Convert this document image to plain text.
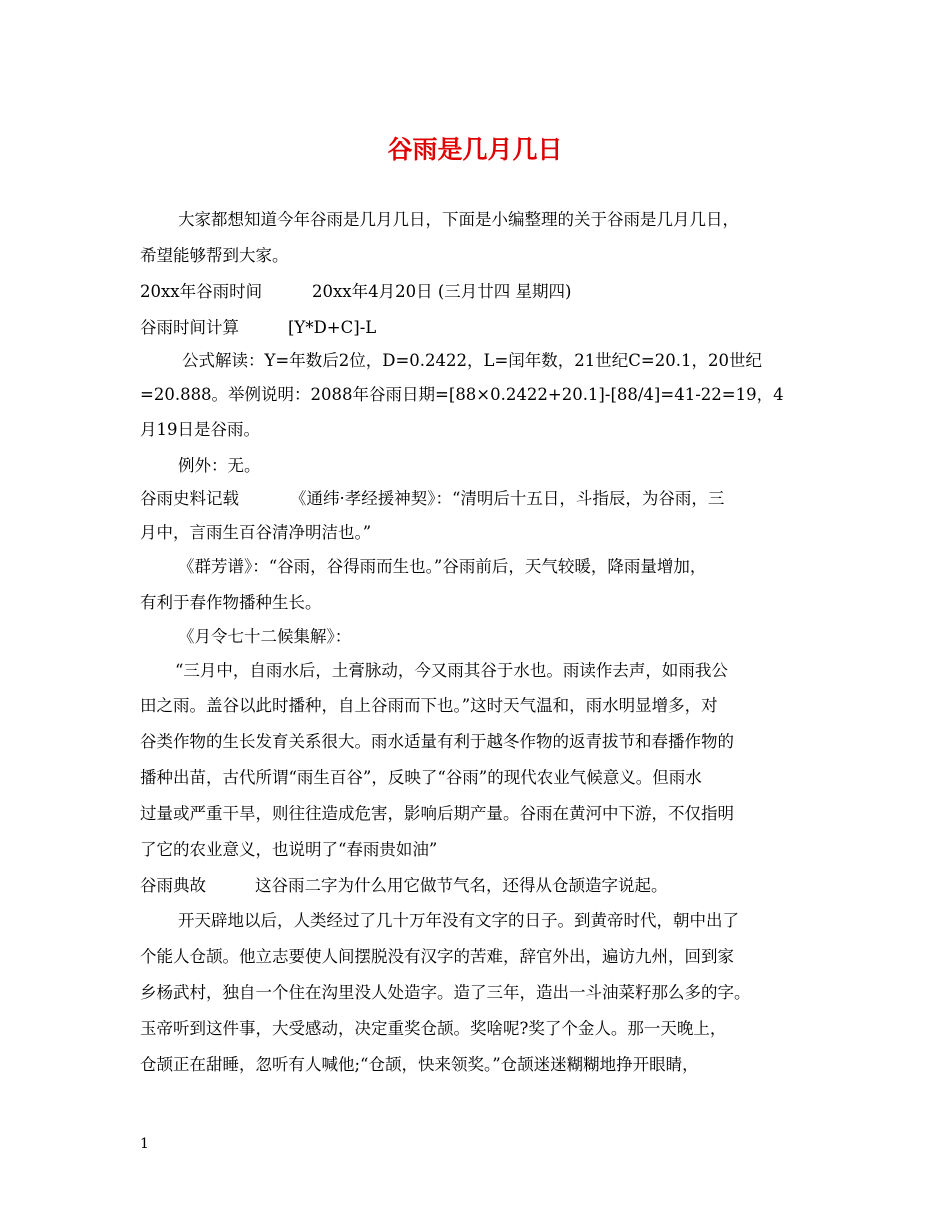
谷雨是几月几日
大家都想知道今年谷雨是几月几日，下面是小编整理的关于谷雨是几月几日，
希望能够帮到大家。
20xx年谷雨时间	20xx年4月20日 (三月廿四 星期四)
谷雨时间计算	[Y*D+C]-L
公式解读：Y=年数后2位，D=0.2422，L=闰年数，21世纪C=20.1，20世纪
=20.888。举例说明：2088年谷雨日期=[88×0.2422+20.1]-[88/4]=41-22=19，4
月19日是谷雨。
例外：无。
谷雨史料记载	《通纬·孝经援神契》：“清明后十五日，斗指辰，为谷雨，三
月中，言雨生百谷清净明洁也。”
《群芳谱》：“谷雨，谷得雨而生也。”谷雨前后，天气较暖，降雨量增加，
有利于春作物播种生长。
《月令七十二候集解》：
“三月中，自雨水后，土膏脉动，今又雨其谷于水也。雨读作去声，如雨我公
田之雨。盖谷以此时播种，自上谷雨而下也。”这时天气温和，雨水明显增多，对
谷类作物的生长发育关系很大。雨水适量有利于越冬作物的返青拔节和春播作物的
播种出苗，古代所谓“雨生百谷”，反映了“谷雨”的现代农业气候意义。但雨水
过量或严重干旱，则往往造成危害，影响后期产量。谷雨在黄河中下游，不仅指明
了它的农业意义，也说明了“春雨贵如油”
谷雨典故	这谷雨二字为什么用它做节气名，还得从仓颉造字说起。
开天辟地以后，人类经过了几十万年没有文字的日子。到黄帝时代，朝中出了
个能人仓颉。他立志要使人间摆脱没有汉字的苦难，辞官外出，遍访九州，回到家
乡杨武村，独自一个住在沟里没人处造字。造了三年，造出一斗油菜籽那么多的字。
玉帝听到这件事，大受感动，决定重奖仓颉。奖啥呢?奖了个金人。那一天晚上，
仓颉正在甜睡，忽听有人喊他;“仓颉，快来领奖。”仓颉迷迷糊糊地挣开眼睛，
1
